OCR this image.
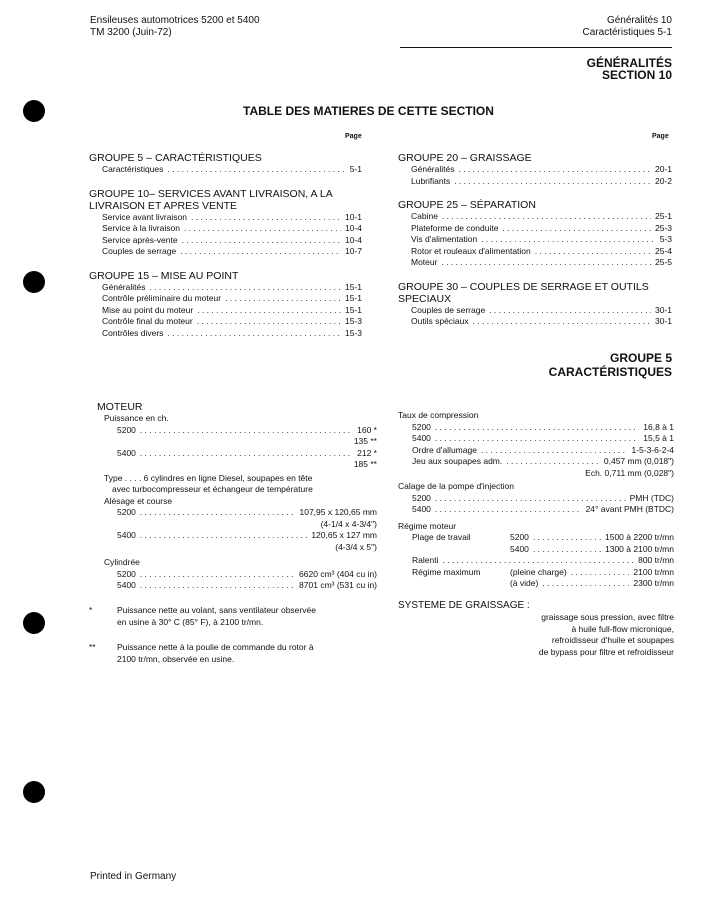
Ensileuses automotrices 5200 et 5400
TM 3200 (Juin-72)
Généralités 10
Caractéristiques 5-1
GÉNÉRALITÉS
SECTION 10
TABLE DES MATIERES DE CETTE SECTION
Page	Page
GROUPE 5 – CARACTÉRISTIQUES
Caractéristiques . . .	5-1
GROUPE 10– SERVICES AVANT LIVRAISON, A LA LIVRAISON ET APRES VENTE
Service avant livraison . . .	10-1
Service à la livraison . . .	10-4
Service après-vente . . .	10-4
Couples de serrage . . .	10-7
GROUPE 15 – MISE AU POINT
Généralités . . .	15-1
Contrôle préliminaire du moteur . . .	15-1
Mise au point du moteur . . .	15-1
Contrôle final du moteur . . .	15-3
Contrôles divers . . .	15-3
GROUPE 20 – GRAISSAGE
Généralités . . .	20-1
Lubrifiants . . .	20-2
GROUPE 25 – SÉPARATION
Cabine . . .	25-1
Plateforme de conduite . . .	25-3
Vis d'alimentation . . .	5-3
Rotor et rouleaux d'alimentation . . .	25-4
Moteur . . .	25-5
GROUPE 30 – COUPLES DE SERRAGE ET OUTILS SPECIAUX
Couples de serrage . . .	30-1
Outils spéciaux . . .	30-1
GROUPE 5
CARACTÉRISTIQUES
MOTEUR
Puissance en ch.
5200 . . .	160 *
135 **
5400 . . .	212 *
185 **
Type . . . . 6 cylindres en ligne Diesel, soupapes en tête
avec turbocompresseur et échangeur de température
Alésage et course
5200 . . .	107,95 x 120,65 mm
(4-1/4 x 4-3/4")
5400 . . .	120,65 x 127 mm
(4-3/4 x 5")
Cylindrée
5200 . . .	6620 cm³ (404 cu in)
5400 . . .	8701 cm³ (531 cu in)
*	Puissance nette au volant, sans ventilateur observée
en usine à 30° C (85° F), à 2100 tr/mn.
**	Puissance nette à la poulie de commande du rotor à
2100 tr/mn, observée en usine.
Taux de compression
5200 . . .	16,8 à 1
5400 . . .	15,5 à 1
Ordre d'allumage . . .	1-5-3-6-2-4
Jeu aux soupapes adm. . . .	0,457 mm (0,018")
Ech. 0,711 mm (0,028")
Calage de la pompe d'injection
5200 . . .	PMH (TDC)
5400 . . .	24° avant PMH (BTDC)
Régime moteur
Plage de travail	5200 . . .	1500 à 2200 tr/mn
5400 . . .	1300 à 2100 tr/mn
Ralenti . . .	800 tr/mn
Régime maximum	(pleine charge) . . .	2100 tr/mn
(à vide) . . .	2300 tr/mn
SYSTEME DE GRAISSAGE :
graissage sous pression, avec filtre
à huile full-flow micronique,
refroidisseur d'huile et soupapes
de bypass pour filtre et refroidisseur
Printed in Germany
